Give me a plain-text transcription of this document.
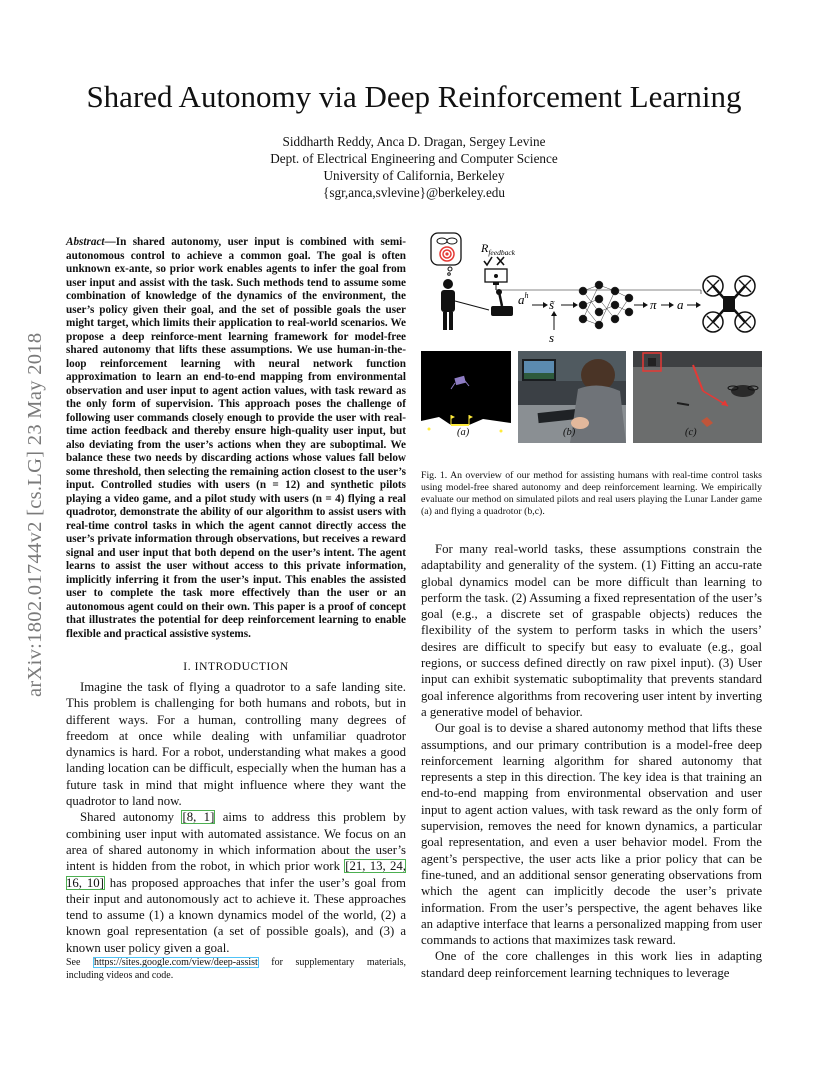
arXiv:1802.01744v2 [cs.LG] 23 May 2018
Shared Autonomy via Deep Reinforcement Learning
Siddharth Reddy, Anca D. Dragan, Sergey Levine
Dept. of Electrical Engineering and Computer Science
University of California, Berkeley
{sgr,anca,svlevine}@berkeley.edu
Abstract—In shared autonomy, user input is combined with semi-autonomous control to achieve a common goal. The goal is often unknown ex-ante, so prior work enables agents to infer the goal from user input and assist with the task. Such methods tend to assume some combination of knowledge of the dynamics of the environment, the user’s policy given their goal, and the set of possible goals the user might target, which limits their application to real-world scenarios. We propose a deep reinforce-ment learning framework for model-free shared autonomy that lifts these assumptions. We use human-in-the-loop reinforcement learning with neural network function approximation to learn an end-to-end mapping from environmental observation and user input to agent action values, with task reward as the only form of supervision. This approach poses the challenge of following user commands closely enough to provide the user with real-time action feedback and thereby ensure high-quality user input, but also deviating from the user’s actions when they are suboptimal. We balance these two needs by discarding actions whose values fall below some threshold, then selecting the remaining action closest to the user’s input. Controlled studies with users (n = 12) and synthetic pilots playing a video game, and a pilot study with users (n = 4) flying a real quadrotor, demonstrate the ability of our algorithm to assist users with real-time control tasks in which the agent cannot directly access the user’s private information through observations, but receives a reward signal and user input that both depend on the user’s intent. The agent learns to assist the user without access to this private information, implicitly inferring it from the user’s input. This enables the assisted user to complete the task more effectively than the user or an autonomous agent could on their own. This paper is a proof of concept that illustrates the potential for deep reinforcement learning to enable flexible and practical assistive systems.
I. INTRODUCTION

Imagine the task of flying a quadrotor to a safe landing site. This problem is challenging for both humans and robots, but in different ways. For a human, controlling many degrees of freedom at once while dealing with unfamiliar quadrotor dynamics is hard. For a robot, understanding what makes a good landing location can be difficult, especially when the human has a future task in mind that might influence where they want the quadrotor to land now.

Shared autonomy [8, 1] aims to address this problem by combining user input with automated assistance. We focus on an area of shared autonomy in which information about the user’s intent is hidden from the robot, in which prior work [21, 13, 24, 16, 10] has proposed approaches that infer the user’s goal from their input and autonomously act to achieve it. These approaches tend to assume (1) a known dynamics model of the world, (2) a known goal representation (a set of possible goals), and (3) a known user policy given a goal.

See https://sites.google.com/view/deep-assist for supplementary materials, including videos and code.
$R_{feedback}$
$a^h$
s̃
s
π a
(a)	(b)	(c)
Fig. 1. An overview of our method for assisting humans with real-time control tasks using model-free shared autonomy and deep reinforcement learning. We empirically evaluate our method on simulated pilots and real users playing the Lunar Lander game (a) and flying a quadrotor (b,c).

For many real-world tasks, these assumptions constrain the adaptability and generality of the system. (1) Fitting an accu-rate global dynamics model can be more difficult than learning to perform the task. (2) Assuming a fixed representation of the user’s goal (e.g., a discrete set of graspable objects) reduces the flexibility of the system to perform tasks in which the users’ desires are difficult to specify but easy to evaluate (e.g., goal regions, or success defined directly on raw pixel input). (3) User input can exhibit systematic suboptimality that prevents standard goal inference algorithms from recovering user intent by inverting a generative model of behavior.

Our goal is to devise a shared autonomy method that lifts these assumptions, and our primary contribution is a model-free deep reinforcement learning algorithm for shared autonomy that represents a step in this direction. The key idea is that training an end-to-end mapping from environmental observation and user input to agent action values, with task reward as the only form of supervision, removes the need for known dynamics, a particular goal representation, and even a user behavior model. From the agent’s perspective, the user acts like a prior policy that can be fine-tuned, and an additional sensor generating observations from which the agent can implicitly decode the user’s private information. From the user’s perspective, the agent behaves like an adaptive interface that learns a personalized mapping from user commands to actions that maximizes task reward.

One of the core challenges in this work lies in adapting standard deep reinforcement learning techniques to leverage
